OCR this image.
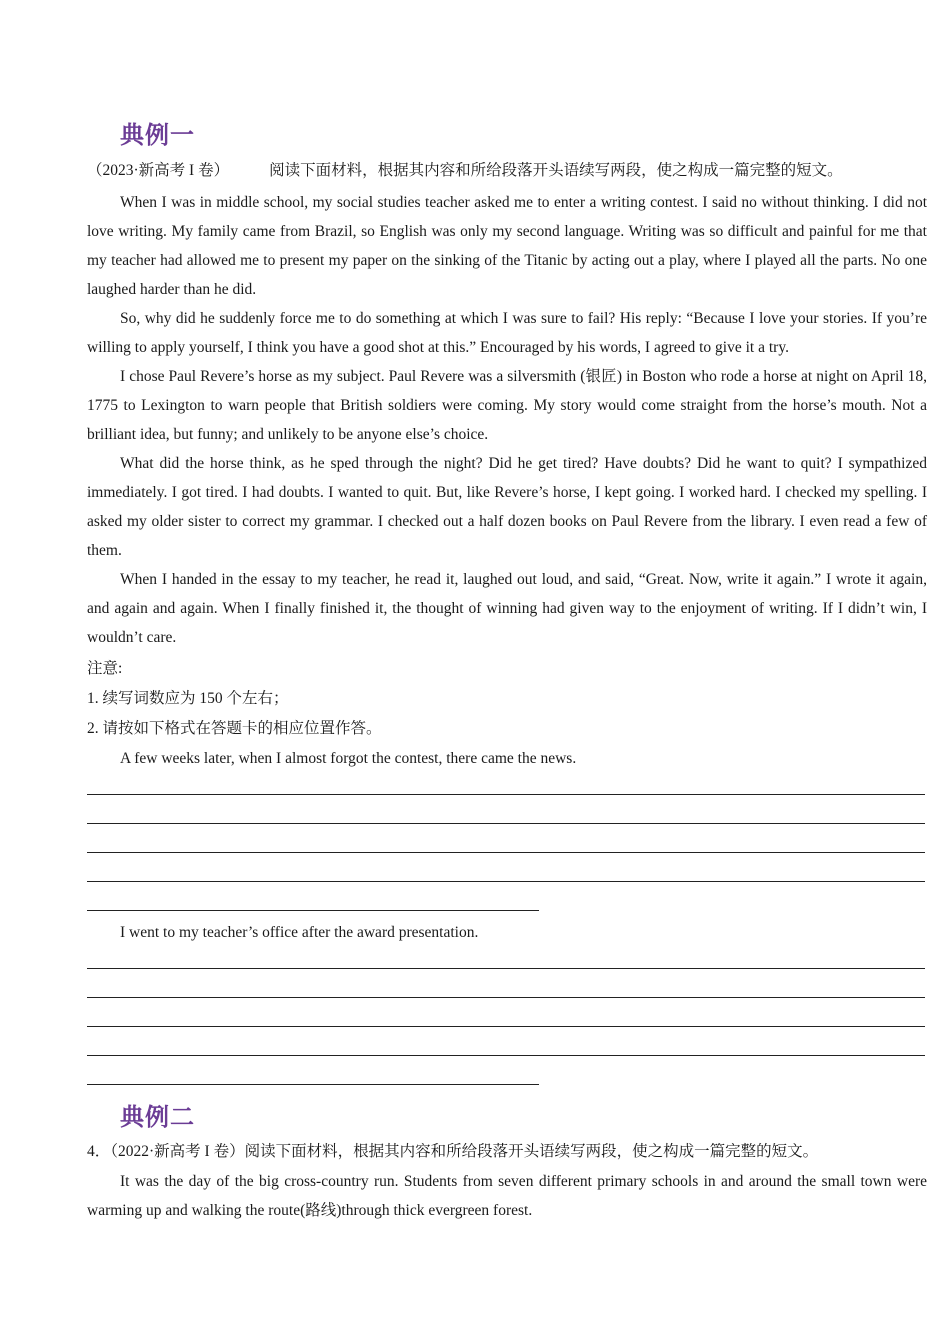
典例一

（2023·新高考 I 卷）	阅读下面材料，根据其内容和所给段落开头语续写两段，使之构成一篇完整的短文。

When I was in middle school, my social studies teacher asked me to enter a writing contest. I said no without thinking. I did not love writing. My family came from Brazil, so English was only my second language. Writing was so difficult and painful for me that my teacher had allowed me to present my paper on the sinking of the Titanic by acting out a play, where I played all the parts. No one laughed harder than he did.

So, why did he suddenly force me to do something at which I was sure to fail? His reply: “Because I love your stories. If you’re willing to apply yourself, I think you have a good shot at this.” Encouraged by his words, I agreed to give it a try.

I chose Paul Revere’s horse as my subject. Paul Revere was a silversmith (银匠) in Boston who rode a horse at night on April 18, 1775 to Lexington to warn people that British soldiers were coming. My story would come straight from the horse’s mouth. Not a brilliant idea, but funny; and unlikely to be anyone else’s choice.

What did the horse think, as he sped through the night? Did he get tired? Have doubts? Did he want to quit? I sympathized immediately. I got tired. I had doubts. I wanted to quit. But, like Revere’s horse, I kept going. I worked hard. I checked my spelling. I asked my older sister to correct my grammar. I checked out a half dozen books on Paul Revere from the library. I even read a few of them.

When I handed in the essay to my teacher, he read it, laughed out loud, and said, “Great. Now, write it again.” I wrote it again, and again and again. When I finally finished it, the thought of winning had given way to the enjoyment of writing. If I didn’t win, I wouldn’t care.

注意:

1. 续写词数应为 150 个左右；

2. 请按如下格式在答题卡的相应位置作答。

A few weeks later, when I almost forgot the contest, there came the news.

I went to my teacher’s office after the award presentation.

典例二

4．（2022·新高考 I 卷）阅读下面材料，根据其内容和所给段落开头语续写两段，使之构成一篇完整的短文。

It was the day of the big cross-country run. Students from seven different primary schools in and around the small town were warming up and walking the route(路线)through thick evergreen forest.
